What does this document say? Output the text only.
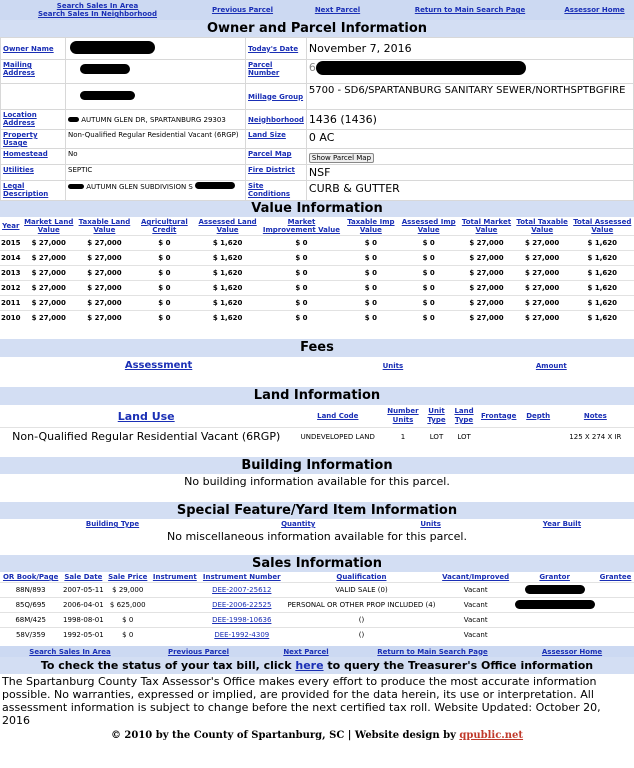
Search Sales In Area
Search Sales In Neighborhood	Previous Parcel	Next Parcel	Return to Main Search Page	Assessor Home
Owner and Parcel Information
Owner Name		Today's Date	November 7, 2016
Mailing Address		Parcel Number	6
		Millage Group	5700 - SD6/SPARTANBURG SANITARY SEWER/NORTHSPTBGFIRE
Location Address	AUTUMN GLEN DR, SPARTANBURG 29303	Neighborhood	1436 (1436)
Property Usage	Non-Qualified Regular Residential Vacant (6RGP)	Land Size	0 AC
Homestead	No	Parcel Map	Show Parcel Map
Utilities	SEPTIC	Fire District	NSF
Legal Description	AUTUMN GLEN SUBDIVISION S	Site Conditions	CURB & GUTTER
Value Information
Year	Market Land Value	Taxable Land Value	Agricultural Credit	Assessed Land Value	Market Improvement Value	Taxable Imp Value	Assessed Imp Value	Total Market Value	Total Taxable Value	Total Assessed Value
2015	$ 27,000	$ 27,000	$ 0	$ 1,620	$ 0	$ 0	$ 0	$ 27,000	$ 27,000	$ 1,620
2014	$ 27,000	$ 27,000	$ 0	$ 1,620	$ 0	$ 0	$ 0	$ 27,000	$ 27,000	$ 1,620
2013	$ 27,000	$ 27,000	$ 0	$ 1,620	$ 0	$ 0	$ 0	$ 27,000	$ 27,000	$ 1,620
2012	$ 27,000	$ 27,000	$ 0	$ 1,620	$ 0	$ 0	$ 0	$ 27,000	$ 27,000	$ 1,620
2011	$ 27,000	$ 27,000	$ 0	$ 1,620	$ 0	$ 0	$ 0	$ 27,000	$ 27,000	$ 1,620
2010	$ 27,000	$ 27,000	$ 0	$ 1,620	$ 0	$ 0	$ 0	$ 27,000	$ 27,000	$ 1,620
Fees
Assessment	Units	Amount
Land Information
Land Use	Land Code	Number Units	Unit Type	Land Type	Frontage	Depth	Notes
Non-Qualified Regular Residential Vacant (6RGP)	UNDEVELOPED LAND	1	LOT	LOT			125 X 274 X IR
Building Information
No building information available for this parcel.
Special Feature/Yard Item Information
Building Type	Quantity	Units	Year Built
No miscellaneous information available for this parcel.
Sales Information
OR Book/Page	Sale Date	Sale Price	Instrument	Instrument Number	Qualification	Vacant/Improved	Grantor	Grantee
88N/893	2007-05-11	$ 29,000		DEE-2007-25612	VALID SALE (0)	Vacant		
85Q/695	2006-04-01	$ 625,000		DEE-2006-22525	PERSONAL OR OTHER PROP INCLUDED (4)	Vacant		
68M/425	1998-08-01	$ 0		DEE-1998-10636	()	Vacant		
58V/359	1992-05-01	$ 0		DEE-1992-4309	()	Vacant		
Search Sales In Area	Previous Parcel	Next Parcel	Return to Main Search Page	Assessor Home
To check the status of your tax bill, click here to query the Treasurer's Office information
The Spartanburg County Tax Assessor's Office makes every effort to produce the most accurate information possible. No warranties, expressed or implied, are provided for the data herein, its use or interpretation. All assessment information is subject to change before the next certified tax roll. Website Updated: October 20, 2016
© 2010 by the County of Spartanburg, SC | Website design by qpublic.net
